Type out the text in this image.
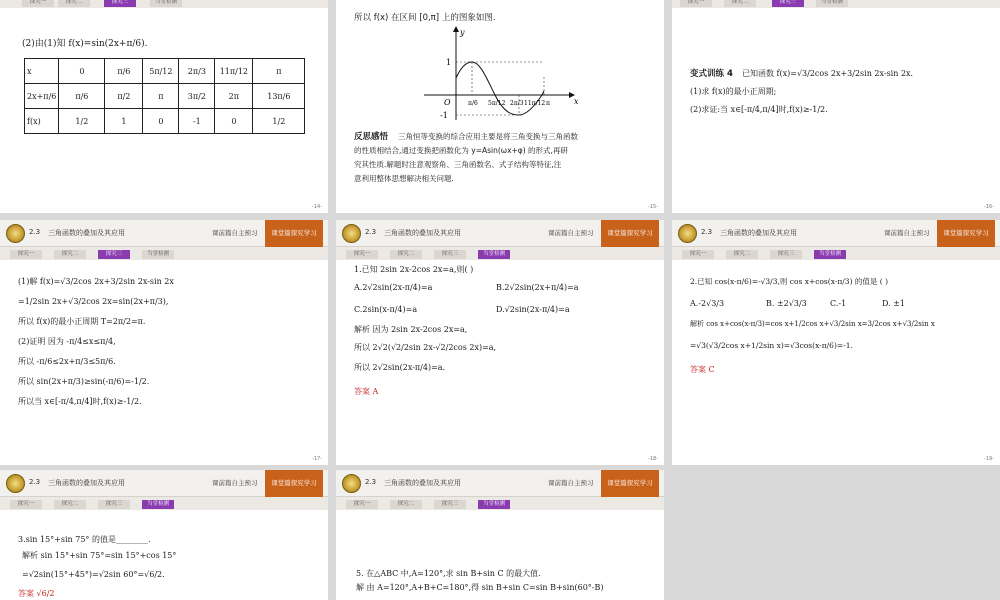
探究一	探究二	探究三	当堂检测
(2)由(1)知 f(x)=sin(2x+π/6).
x	0	π/6	5π/12	2π/3	11π/12	π
2x+π/6	π/6	π/2	π	3π/2	2π	13π/6
f(x)	1/2	1	0	-1	0	1/2
-14-
所以 f(x) 在区间 [0,π] 上的图象如图.
y
x
O
1
-1
π/6 5π/12 2π/3 11π/12 π
反思感悟 三角恒等变换的综合应用主要是将三角变换与三角函数
的性质相结合,通过变换把函数化为 y=Asin(ωx+φ) 的形式,再研
究其性质.解题时注意观察角、三角函数名、式子结构等特征,注
意利用整体思想解决相关问题.
-15-
探究一	探究二	探究三	当堂检测
变式训练 4 已知函数 f(x)=√3/2cos 2x+3/2sin 2x-sin 2x.
(1)求 f(x)的最小正周期;
(2)求证:当 x∈[-π/4,π/4]时,f(x)≥-1/2.
-16-
2.3 三角函数的叠加及其应用	课前篇自主预习	课堂篇探究学习
探究一	探究二	探究三	当堂检测
(1)解 f(x)=√3/2cos 2x+3/2sin 2x-sin 2x
=1/2sin 2x+√3/2cos 2x=sin(2x+π/3),
所以 f(x)的最小正周期 T=2π/2=π.
(2)证明 因为 -π/4≤x≤π/4,
所以 -π/6≤2x+π/3≤5π/6.
所以 sin(2x+π/3)≥sin(-π/6)=-1/2.
所以当 x∈[-π/4,π/4]时,f(x)≥-1/2.
-17-
2.3 三角函数的叠加及其应用	课前篇自主预习	课堂篇探究学习
探究一	探究二	探究三	当堂检测
1.已知 2sin 2x-2cos 2x=a,则( )
A.2√2sin(2x-π/4)=a	B.2√2sin(2x+π/4)=a
C.2sin(x-π/4)=a	D.√2sin(2x-π/4)=a
解析 因为 2sin 2x-2cos 2x=a,
所以 2√2(√2/2sin 2x-√2/2cos 2x)=a,
所以 2√2sin(2x-π/4)=a.
答案 A
-18-
2.3 三角函数的叠加及其应用	课前篇自主预习	课堂篇探究学习
探究一	探究二	探究三	当堂检测
2.已知 cos(x-π/6)=-√3/3,则 cos x+cos(x-π/3) 的值是 ( )
A.-2√3/3	B. ±2√3/3	C.-1	D. ±1
解析 cos x+cos(x-π/3)=cos x+1/2cos x+√3/2sin x=3/2cos x+√3/2sin x
=√3(√3/2cos x+1/2sin x)=√3cos(x-π/6)=-1.
答案 C
-19-
2.3 三角函数的叠加及其应用	课前篇自主预习	课堂篇探究学习
探究一	探究二	探究三	当堂检测
3.sin 15°+sin 75° 的值是________.
解析 sin 15°+sin 75°=sin 15°+cos 15°
=√2sin(15°+45°)=√2sin 60°=√6/2.
答案 √6/2
2.3 三角函数的叠加及其应用	课前篇自主预习	课堂篇探究学习
探究一	探究二	探究三	当堂检测
5. 在△ABC 中,A=120°,求 sin B+sin C 的最大值.
解 由 A=120°,A+B+C=180°,得 sin B+sin C=sin B+sin(60°-B)
